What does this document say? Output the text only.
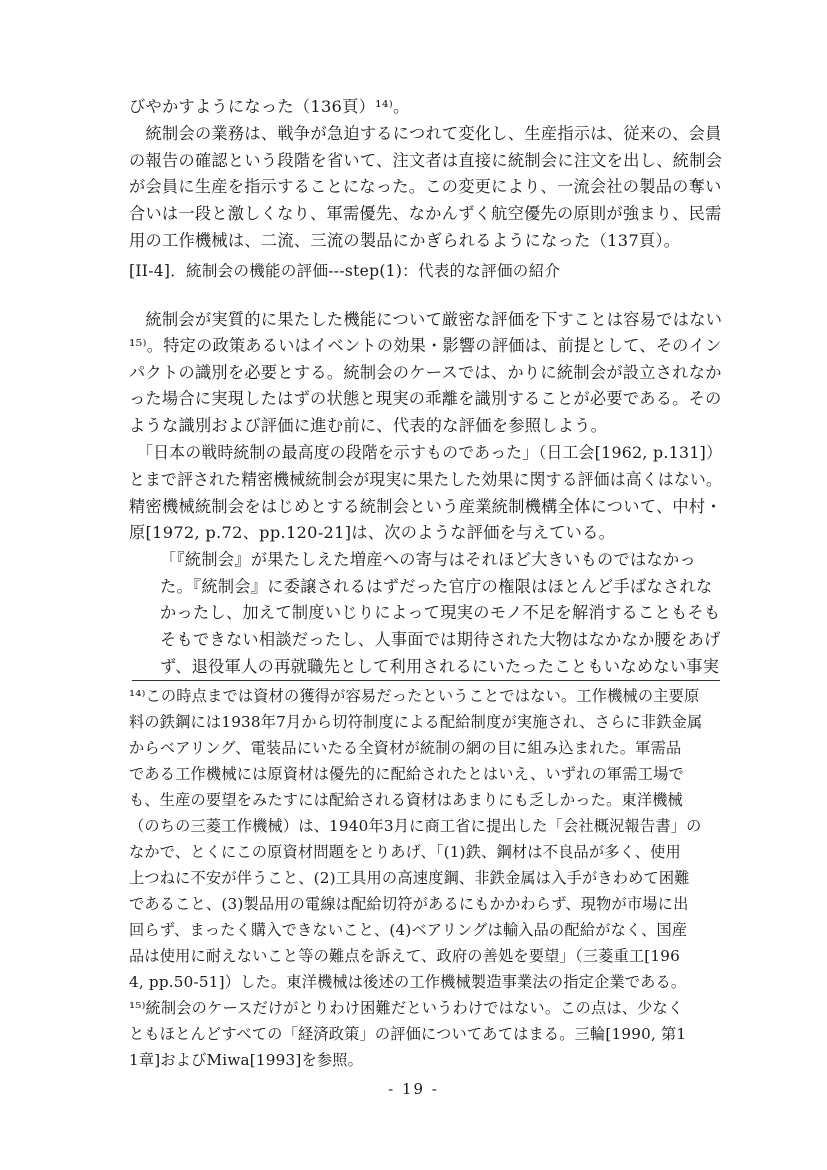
びやかすようになった（136頁）¹⁴⁾。
　統制会の業務は、戦争が急迫するにつれて変化し、生産指示は、従来の、会員
の報告の確認という段階を省いて、注文者は直接に統制会に注文を出し、統制会
が会員に生産を指示することになった。この変更により、一流会社の製品の奪い
合いは一段と激しくなり、軍需優先、なかんずく航空優先の原則が強まり、民需
用の工作機械は、二流、三流の製品にかぎられるようになった（137頁）。
[II-4]．統制会の機能の評価---step(1)：代表的な評価の紹介
　統制会が実質的に果たした機能について厳密な評価を下すことは容易ではない
¹⁵⁾。特定の政策あるいはイベントの効果・影響の評価は、前提として、そのイン
パクトの識別を必要とする。統制会のケースでは、かりに統制会が設立されなか
った場合に実現したはずの状態と現実の乖離を識別することが必要である。その
ような識別および評価に進む前に、代表的な評価を参照しよう。
　「日本の戦時統制の最高度の段階を示すものであった」（日工会[1962, p.131]）
とまで評された精密機械統制会が現実に果たした効果に関する評価は高くはない。
精密機械統制会をはじめとする統制会という産業統制機構全体について、中村・
原[1972, p.72、pp.120-21]は、次のような評価を与えている。
「『統制会』が果たしえた増産への寄与はそれほど大きいものではなかっ
た。『統制会』に委譲されるはずだった官庁の権限はほとんど手ばなされな
かったし、加えて制度いじりによって現実のモノ不足を解消することもそも
そもできない相談だったし、人事面では期待された大物はなかなか腰をあげ
ず、退役軍人の再就職先として利用されるにいたったこともいなめない事実
¹⁴⁾この時点までは資材の獲得が容易だったということではない。工作機械の主要原
料の鉄鋼には1938年7月から切符制度による配給制度が実施され、さらに非鉄金属
からベアリング、電装品にいたる全資材が統制の網の目に組み込まれた。軍需品
である工作機械には原資材は優先的に配給されたとはいえ、いずれの軍需工場で
も、生産の要望をみたすには配給される資材はあまりにも乏しかった。東洋機械
（のちの三菱工作機械）は、1940年3月に商工省に提出した「会社概況報告書」の
なかで、とくにこの原資材問題をとりあげ、「(1)鉄、鋼材は不良品が多く、使用
上つねに不安が伴うこと、(2)工具用の高速度鋼、非鉄金属は入手がきわめて困難
であること、(3)製品用の電線は配給切符があるにもかかわらず、現物が市場に出
回らず、まったく購入できないこと、(4)ベアリングは輸入品の配給がなく、国産
品は使用に耐えないこと等の難点を訴えて、政府の善処を要望」（三菱重工[196
4, pp.50-51]）した。東洋機械は後述の工作機械製造事業法の指定企業である。
¹⁵⁾統制会のケースだけがとりわけ困難だというわけではない。この点は、少なく
ともほとんどすべての「経済政策」の評価についてあてはまる。三輪[1990, 第1
1章]およびMiwa[1993]を参照。
- 19 -
